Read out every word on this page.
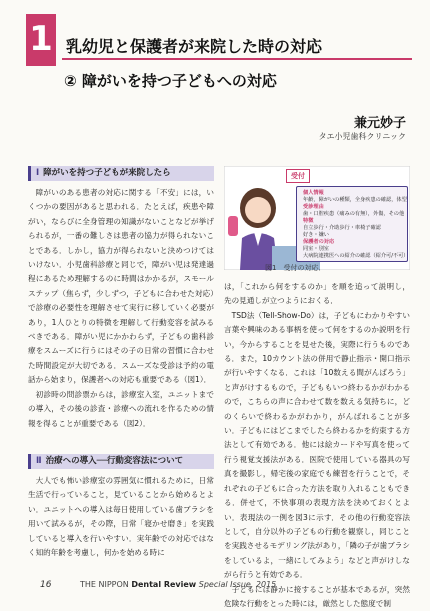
1 乳幼児と保護者が来院した時の対応
② 障がいを持つ子どもへの対応
兼元妙子
タエ小児歯科クリニック
Ⅰ 障がいを持つ子どもが来院したら

障がいのある患者の対応に関する「不安」には，いくつかの要因があると思われる．たとえば，疾患や障がい，ならびに全身管理の知識がないことなどが挙げられるが，一番の難しさは患者の協力が得られないことである．しかし，協力が得られないと決めつけてはいけない．小児歯科診療と同じで，障がい児は発達過程にあるため理解するのに時間はかかるが，スモールステップ（焦らず，少しずつ，子どもに合わせた対応）で診療の必要性を理解させて実行に移していく必要があり，1人ひとりの特徴を理解して行動変容を試みるべきである．障がい児にかかわらず，子どもの歯科診療をスムーズに行うにはその子の日常の習慣に合わせた時間設定が大切である．スムーズな受診は予約の電話から始まり，保護者への対応も重要である（図1）．

初診時の問診票からは，診療室入室，ユニットまでの導入，その後の診査・診療への流れを作るための情報を得ることが重要である（図2）．

Ⅱ 治療への導入──行動変容法について

大人でも怖い診療室の雰囲気に慣れるために，日常生活で行っていること，見ていることから始めるとよい．ユニットへの導入は毎日使用している歯ブラシを用いて試みるが，その際，日常「寝かせ磨き」を実践していると導入を行いやすい．実年齢での対応ではなく知的年齢を考慮し，何かを始める時に

受付
個人情報
年齢，障がいの種類，全身疾患の確認，体型
受診理由
歯・口腔疾患（痛みの有無），外傷，その他
特徴
自立歩行・介助歩行・車椅子確認
好き・嫌い
保護者の対応
同室・別室
大病院連携医への紹介の確認（紹介可/不可）
図1　受付の対応．

は，「これから何をするのか」を順を追って説明し，先の見通しが立つようにおくる．

TSD法（Tell-Show-Do）は，子どもにわかりやすい言葉や興味のある事柄を使って何をするのか説明を行い，今からすることを見せた後，実際に行うものである．また，10カウント法の併用で静止指示・開口指示が行いやすくなる．これは「10数える間がんばろう」と声がけするもので，子どももいつ終わるかがわかるので，こちらの声に合わせて数を数える気持ちに，どのくらいで終わるかがわかり，がんばれることが多い．子どもにはどこまでしたら終わるかを約束する方法として有効である．他には絵カードや写真を使って行う視覚支援法がある．医院で使用している器具の写真を撮影し，帰宅後の家庭でも練習を行うことで，それぞれの子どもに合った方法を取り入れることもできる．併せて，不快事項の表現方法を決めておくとよい．表現法の一例を図3に示す．その他の行動変容法として，自分以外の子どもの行動を観察し，同じことを実践させるモデリング法があり，「隣の子が歯ブラシをしているよ，一緒にしてみよう」などと声がけしながら行うと有効である．

子どもには静かに接することが基本であるが，突然危険な行動をとった時には，厳然とした態度で制

16	THE NIPPON Dental Review Special Issue, 2015
